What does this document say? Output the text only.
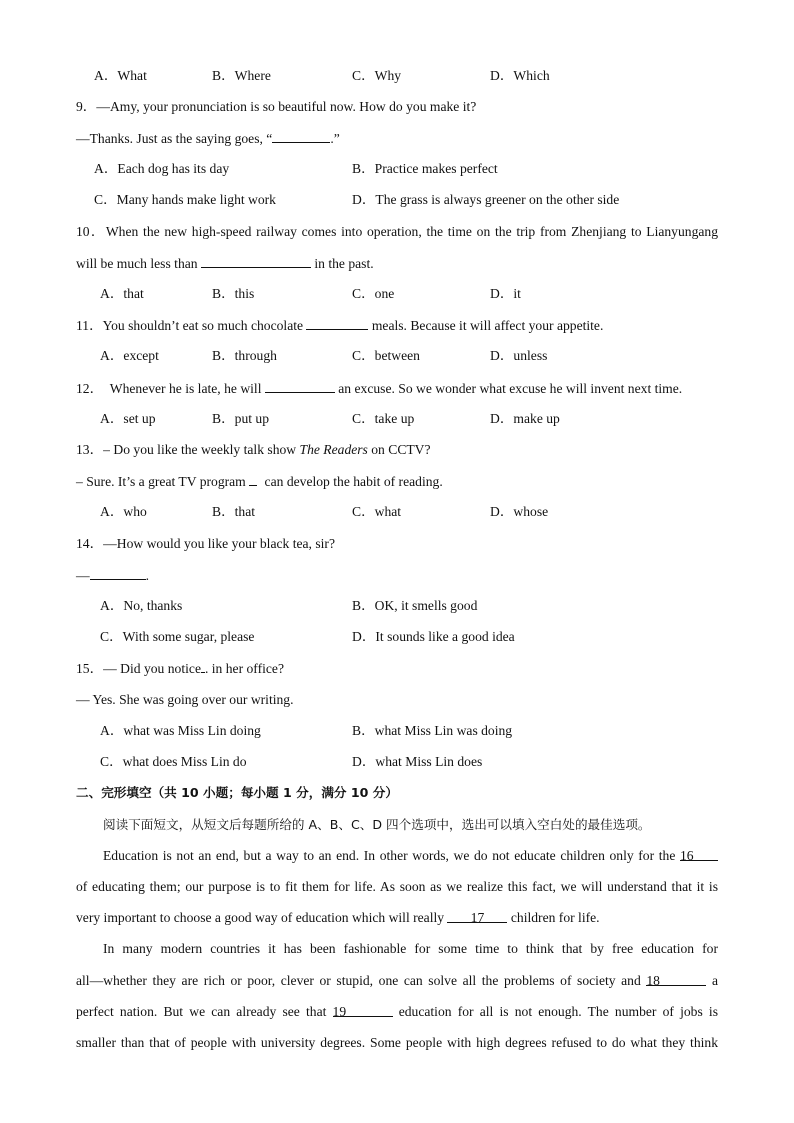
A．What	B．Where	C．Why	D．Which
9．—Amy, your pronunciation is so beautiful now. How do you make it?
—Thanks. Just as the saying goes, “	.”
A．Each dog has its day	B．Practice makes perfect
C．Many hands make light work	D．The grass is always greener on the other side
10．When the new high-speed railway comes into operation, the time on the trip from Zhenjiang to Lianyungang
will be much less than	in the past.
A．that	B．this	C．one	D．it
11．You shouldn’t eat so much chocolate	meals. Because it will affect your appetite.
A．except	B．through	C．between	D．unless
12．  Whenever he is late, he will	an excuse. So we wonder what excuse he will invent next time.
A．set up	B．put up	C．take up	D．make up
13．– Do you like the weekly talk show The Readers on CCTV?
– Sure. It’s a great TV program  can develop the habit of reading.
A．who	B．that	C．what	D．whose
14．—How would you like your black tea, sir?
—	.
A．No, thanks	B．OK, it smells good
C．With some sugar, please	D．It sounds like a good idea
15．— Did you notice . in her office?
— Yes. She was going over our writing.
A．what was Miss Lin doing	B．what Miss Lin was doing
C．what does Miss Lin do	D．what Miss Lin does
二、完形填空（共 10 小题；每小题 1 分，满分 10 分）
阅读下面短文，从短文后每题所给的 A、B、C、D 四个选项中，选出可以填入空白处的最佳选项。
Education is not an end, but a way to an end. In other words, we do not educate children only for the 16
of educating them; our purpose is to fit them for life. As soon as we realize this fact, we will understand that it is
very important to choose a good way of education which will really 17 children for life.
In many modern countries it has been fashionable for some time to think that by free education for
all—whether they are rich or poor, clever or stupid, one can solve all the problems of society and 18	a
perfect nation. But we can already see that 19	education for all is not enough. The number of jobs is
smaller than that of people with university degrees. Some people with high degrees refused to do what they think
